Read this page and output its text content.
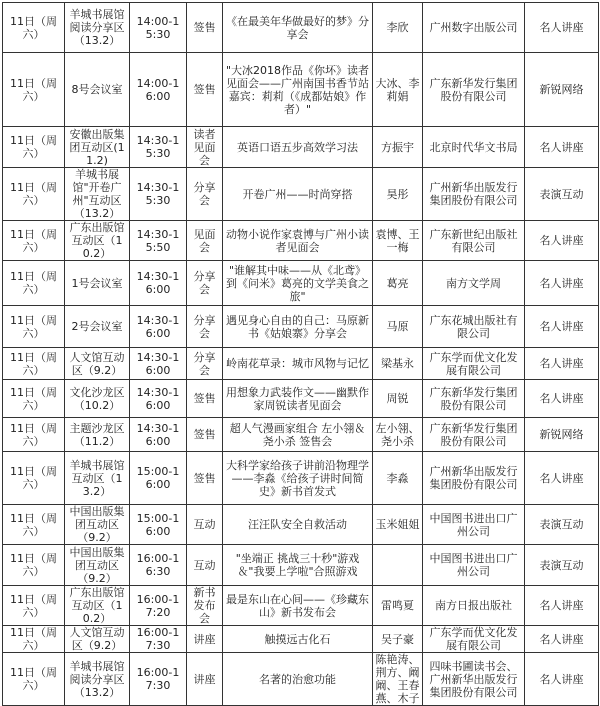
11日（周六）	羊城书展馆阅读分享区（13.2）	14:00-15:30	签售	《在最美年华做最好的梦》分享会	李欣	广州数字出版公司	名人讲座
11日（周六）	8号会议室	14:00-16:00	签售	"大冰2018作品《你坏》读者见面会——广州南国书香节站 嘉宾：莉莉（《成都姑娘》作者）"	大冰、李莉娟	广东新华发行集团股份有限公司	新锐网络
11日（周六）	安徽出版集团互动区(11.2)	14:30-15:30	读者见面会	英语口语五步高效学习法	方振宇	北京时代华文书局	名人讲座
11日（周六）	羊城书展馆"开卷广州"互动区（13.2）	14:30-15:30	分享会	开卷广州——时尚穿搭	昊彤	广州新华出版发行集团股份有限公司	表演互动
11日（周六）	广东出版馆互动区（10.2）	14:30-15:50	见面会	动物小说作家袁博与广州小读者见面会	袁博、王一梅	广东新世纪出版社有限公司	名人讲座
11日（周六）	1号会议室	14:30-16:00	分享会	"谁解其中味——从《北鸢》到《问米》葛亮的文学美食之旅"	葛亮	南方文学周	名人讲座
11日（周六）	2号会议室	14:30-16:00	分享会	遇见身心自由的自己：马原新书《姑娘寨》分享会	马原	广东花城出版社有限公司	名人讲座
11日（周六）	人文馆互动区（9.2）	14:30-16:00	分享会	岭南花草录：城市风物与记忆	梁基永	广东学而优文化发展有限公司	名人讲座
11日（周六）	文化沙龙区（10.2）	14:30-16:00	签售	用想象力武装作文——幽默作家周锐读者见面会	周锐	广东新华发行集团股份有限公司	名人讲座
11日（周六）	主题沙龙区（11.2）	14:30-16:00	签售	超人气漫画家组合 左小翎＆尧小杀 签售会	左小翎、尧小杀	广东新华发行集团股份有限公司	新锐网络
11日（周六）	羊城书展馆互动区（13.2）	15:00-16:00	签售	大科学家给孩子讲前沿物理学——李淼《给孩子讲时间简史》新书首发式	李淼	广州新华出版发行集团股份有限公司	名人讲座
11日（周六）	中国出版集团互动区（9.2）	15:00-16:00	互动	汪汪队安全自救活动	玉米姐姐	中国图书进出口广州公司	表演互动
11日（周六）	中国出版集团互动区（9.2）	16:00-16:30	互动	"坐端正 挑战三十秒"游戏＆"我要上学啦"合照游戏		中国图书进出口广州公司	表演互动
11日（周六）	广东出版馆互动区（10.2）	16:00-17:20	新书发布会	最是东山在心间——《珍藏东山》新书发布会	雷鸣夏	南方日报出版社	名人讲座
11日（周六）	人文馆互动区（9.2）	16:00-17:30	讲座	触摸远古化石	吴子豪	广东学而优文化发展有限公司	名人讲座
11日（周六）	羊城书展馆阅读分享区（13.2）	16:00-17:30	讲座	名著的治愈功能	陈艳涛、荆方、阚阚、王春燕、木子	四味书圃读书会、广州新华出版发行集团股份有限公司	名人讲座
